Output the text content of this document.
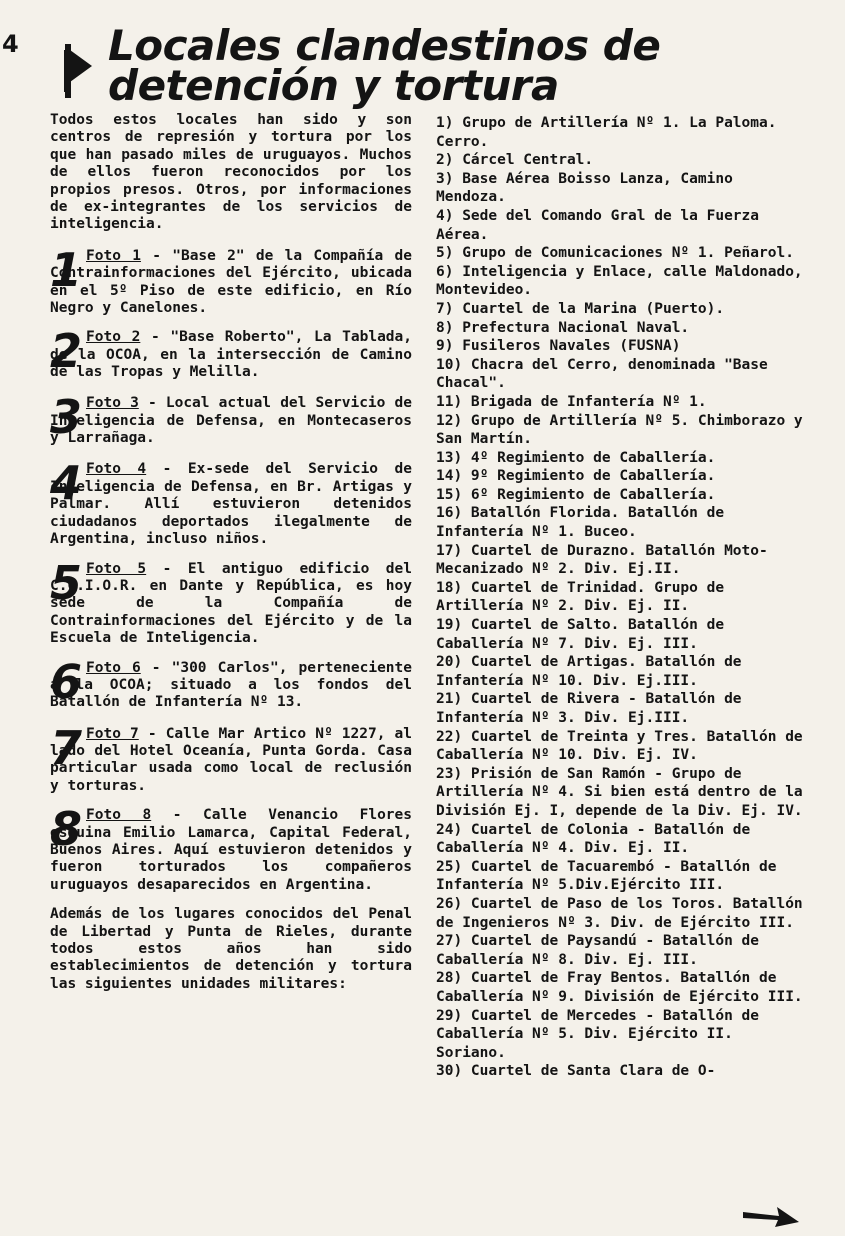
4 Locales clandestinos de
detención y tortura

Todos estos locales han sido y son centros de represión y tortura por los que han pasado miles de uruguayos. Muchos de ellos fueron reconocidos por los propios presos. Otros, por informaciones de ex-integrantes de los servicios de inteligencia.

1 Foto 1 - "Base 2" de la Compañía de Contrainformaciones del Ejército, ubicada en el 5º Piso de este edificio, en Río Negro y Canelones.

2 Foto 2 - "Base Roberto", La Tablada, de la OCOA, en la intersección de Camino de las Tropas y Melilla.

3 Foto 3 - Local actual del Servicio de Inteligencia de Defensa, en Montecaseros y Larrañaga.

4 Foto 4 - Ex-sede del Servicio de Inteligencia de Defensa, en Br. Artigas y Palmar. Allí estuvieron detenidos ciudadanos deportados ilegalmente de Argentina, incluso niños.

5 Foto 5 - El antiguo edificio del C.G.I.O.R. en Dante y República, es hoy sede de la Compañía de Contrainformaciones del Ejército y de la Escuela de Inteligencia.

6 Foto 6 - "300 Carlos", perteneciente a la OCOA; situado a los fondos del Batallón de Infantería Nº 13.

7 Foto 7 - Calle Mar Artico Nº 1227, al lado del Hotel Oceanía, Punta Gorda. Casa particular usada como local de reclusión y torturas.

8 Foto 8 - Calle Venancio Flores esquina Emilio Lamarca, Capital Federal, Buenos Aires. Aquí estuvieron detenidos y fueron torturados los compañeros uruguayos desaparecidos en Argentina.

Además de los lugares conocidos del Penal de Libertad y Punta de Rieles, durante todos estos años han sido establecimientos de detención y tortura las siguientes unidades militares:

1) Grupo de Artillería Nº 1. La Paloma. Cerro.
2) Cárcel Central.
3) Base Aérea Boisso Lanza, Camino Mendoza.
4) Sede del Comando Gral de la Fuerza Aérea.
5) Grupo de Comunicaciones Nº 1. Peñarol.
6) Inteligencia y Enlace, calle Maldonado, Montevideo.
7) Cuartel de la Marina (Puerto).
8) Prefectura Nacional Naval.
9) Fusileros Navales (FUSNA)
10) Chacra del Cerro, denominada "Base Chacal".
11) Brigada de Infantería Nº 1.
12) Grupo de Artillería Nº 5. Chimborazo y San Martín.
13) 4º Regimiento de Caballería.
14) 9º Regimiento de Caballería.
15) 6º Regimiento de Caballería.
16) Batallón Florida. Batallón de Infantería Nº 1. Buceo.
17) Cuartel de Durazno. Batallón Moto-Mecanizado Nº 2. Div. Ej.II.
18) Cuartel de Trinidad. Grupo de Artillería Nº 2. Div. Ej. II.
19) Cuartel de Salto. Batallón de Caballería Nº 7. Div. Ej. III.
20) Cuartel de Artigas. Batallón de Infantería Nº 10. Div. Ej.III.
21) Cuartel de Rivera - Batallón de Infantería Nº 3. Div. Ej.III.
22) Cuartel de Treinta y Tres. Batallón de Caballería Nº 10. Div. Ej. IV.
23) Prisión de San Ramón - Grupo de Artillería Nº 4. Si bien está dentro de la División Ej. I, depende de la Div. Ej. IV.
24) Cuartel de Colonia - Batallón de Caballería Nº 4. Div. Ej. II.
25) Cuartel de Tacuarembó - Batallón de Infantería Nº 5.Div.Ejército III.
26) Cuartel de Paso de los Toros. Batallón de Ingenieros Nº 3. Div. de Ejército III.
27) Cuartel de Paysandú - Batallón de Caballería Nº 8. Div. Ej. III.
28) Cuartel de Fray Bentos. Batallón de Caballería Nº 9. División de Ejército III.
29) Cuartel de Mercedes - Batallón de Caballería Nº 5. Div. Ejército II. Soriano.
30) Cuartel de Santa Clara de O-
